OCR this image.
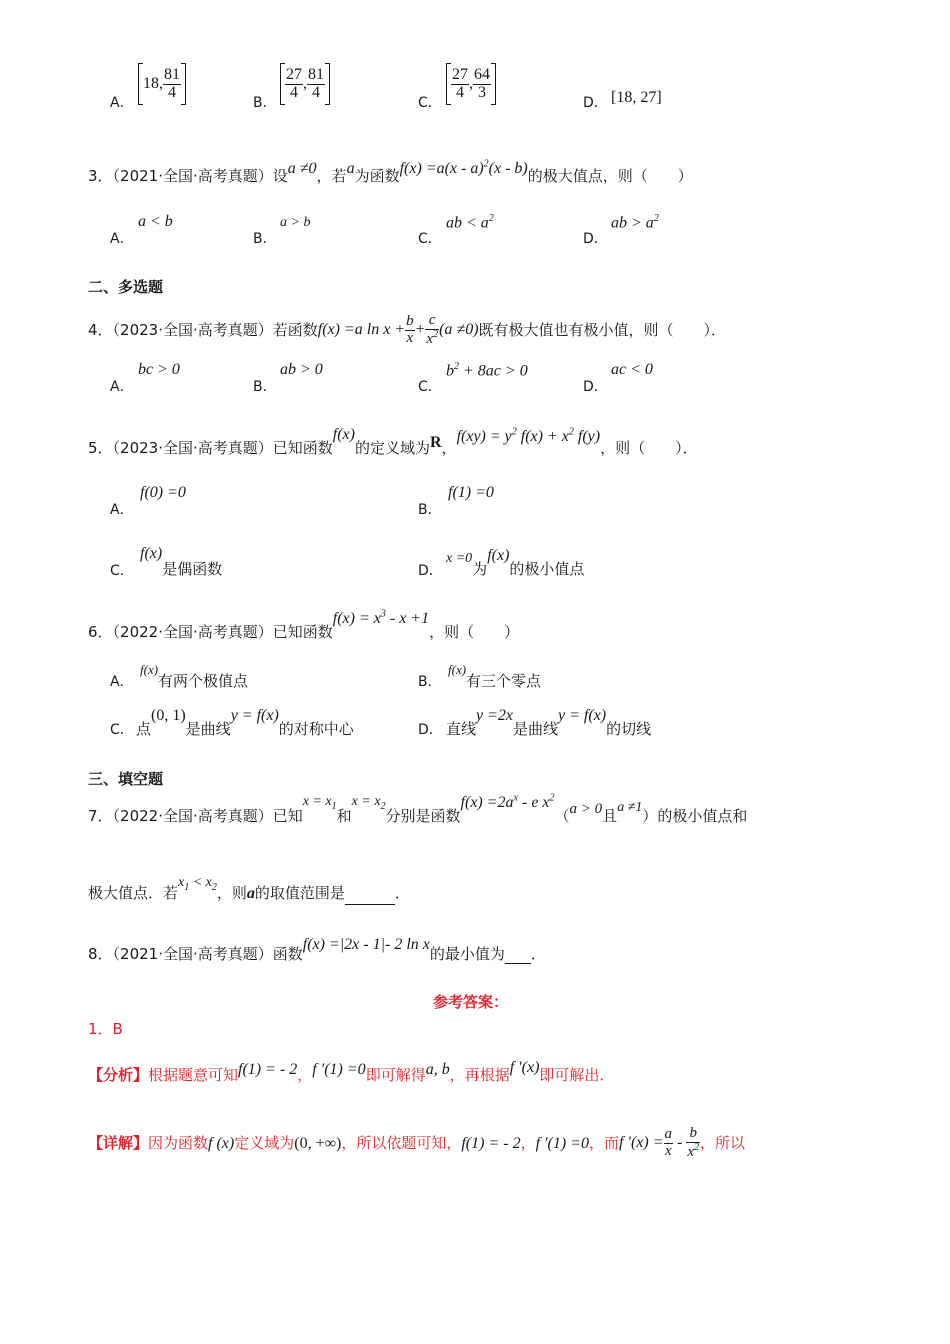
A．
18, $\frac{81}{4}$
B．
$\frac{27}{4}$ , $\frac{81}{4}$
C．
$\frac{27}{4}$ , $\frac{64}{3}$
D． [18, 27]
3．（2021·全国·高考真题）设a ≠0，若a为函数f(x) =a(x - a)$^2$(x - b)的极大值点，则（　　）
A．
a < b
B．
a > b
C．
ab < $a^2$
D．
ab > $a^2$
二、多选题
4．（2023·全国·高考真题）若函数f(x) =a $\ln x + \frac{b}{x} + \frac{c}{x^2} (a \ne 0)$既有极大值也有极小值，则（　　）．
A．
bc > 0
B．
ab > 0
C．
$b^2 + 8ac > 0$
D．
ac < 0
5．（2023·全国·高考真题）已知函数f(x)的定义域为R，$f(xy) = y^2$ $f(x) + x^2$ f(y)，则（　　）．
A．
f(0) =0
B．
f(1) =0
C．
f(x)是偶函数	D．
x =0为f(x)的极小值点
6．（2022·全国·高考真题）已知函数$f(x) = x^3 - x +1$，则（　　）
A．
f(x)有两个极值点	B．
f(x)有三个零点
C． 点(0, 1)是曲线y = f(x)的对称中心	D． 直线y =2x是曲线y = f(x)的切线
三、填空题
7．（2022·全国·高考真题）已知$x = x_1$和$x = x_2$分别是函数$f(x) =2a^x - e$ $x^2(a > 0$且a ≠1）的极小值点和
极大值点．若$x_1 < x_2$，则a的取值范围是	．
8．（2021·全国·高考真题）函数f(x) =|2x - 1|- 2 ln x的最小值为 ．
参考答案：
1．B
【分析】根据题意可知f(1) = - 2，f ′(1) =0即可解得a, b，再根据f ′(x)即可解出．
【详解】因为函数f (x)定义域为(0, +∞)，所以依题可知，f(1) = - 2，f ′(1) =0，而f $'(x) = \frac{a}{x} - \frac{b}{x^2}$ ，所以
